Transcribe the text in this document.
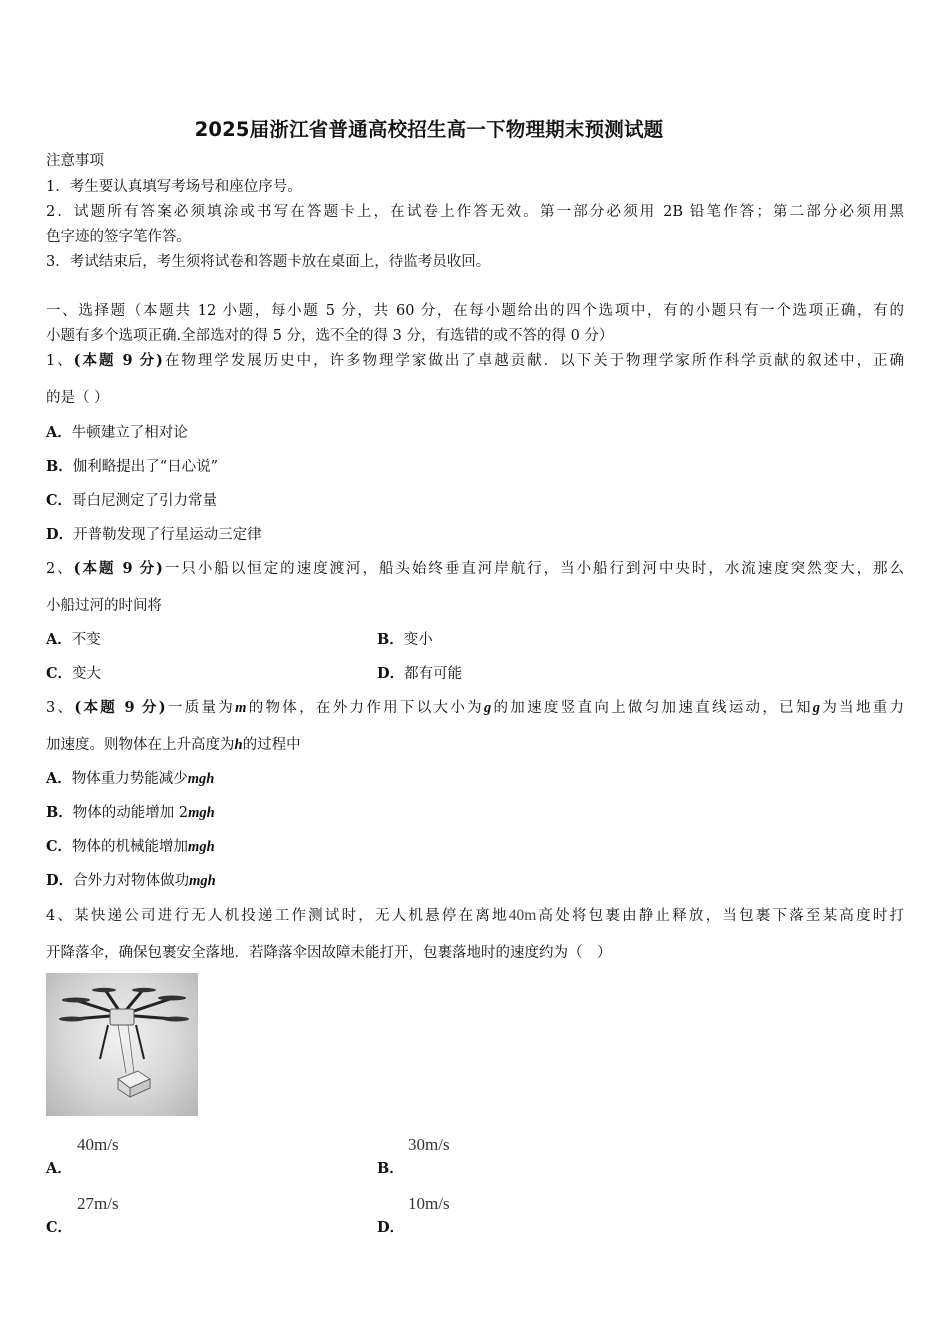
2025届浙江省普通高校招生高一下物理期末预测试题
注意事项
1．考生要认真填写考场号和座位序号。
2．试题所有答案必须填涂或书写在答题卡上，在试卷上作答无效。第一部分必须用 2B 铅笔作答；第二部分必须用黑
色字迹的签字笔作答。
3．考试结束后，考生须将试卷和答题卡放在桌面上，待监考员收回。
一、选择题（本题共 12 小题，每小题 5 分，共 60 分，在每小题给出的四个选项中，有的小题只有一个选项正确，有的
小题有多个选项正确.全部选对的得 5 分，选不全的得 3 分，有选错的或不答的得 0 分）
1、(本题 9 分)在物理学发展历史中，许多物理学家做出了卓越贡献．以下关于物理学家所作科学贡献的叙述中，正确
的是（ ）
A．牛顿建立了相对论
B．伽利略提出了“日心说”
C．哥白尼测定了引力常量
D．开普勒发现了行星运动三定律
2、(本题 9 分)一只小船以恒定的速度渡河，船头始终垂直河岸航行，当小船行到河中央时，水流速度突然变大，那么
小船过河的时间将
A．不变	B．变小
C．变大	D．都有可能
3、(本题 9 分)一质量为m的物体，在外力作用下以大小为g的加速度竖直向上做匀加速直线运动，已知g为当地重力
加速度。则物体在上升高度为h的过程中
A．物体重力势能减少mgh
B．物体的动能增加 2mgh
C．物体的机械能增加mgh
D．合外力对物体做功mgh
4、某快递公司进行无人机投递工作测试时，无人机悬停在离地40m高处将包裹由静止释放，当包裹下落至某高度时打
开降落伞，确保包裹安全落地．若降落伞因故障未能打开，包裹落地时的速度约为（　）
A．
40m/s
B．
30m/s
C．
27m/s
D．
10m/s
